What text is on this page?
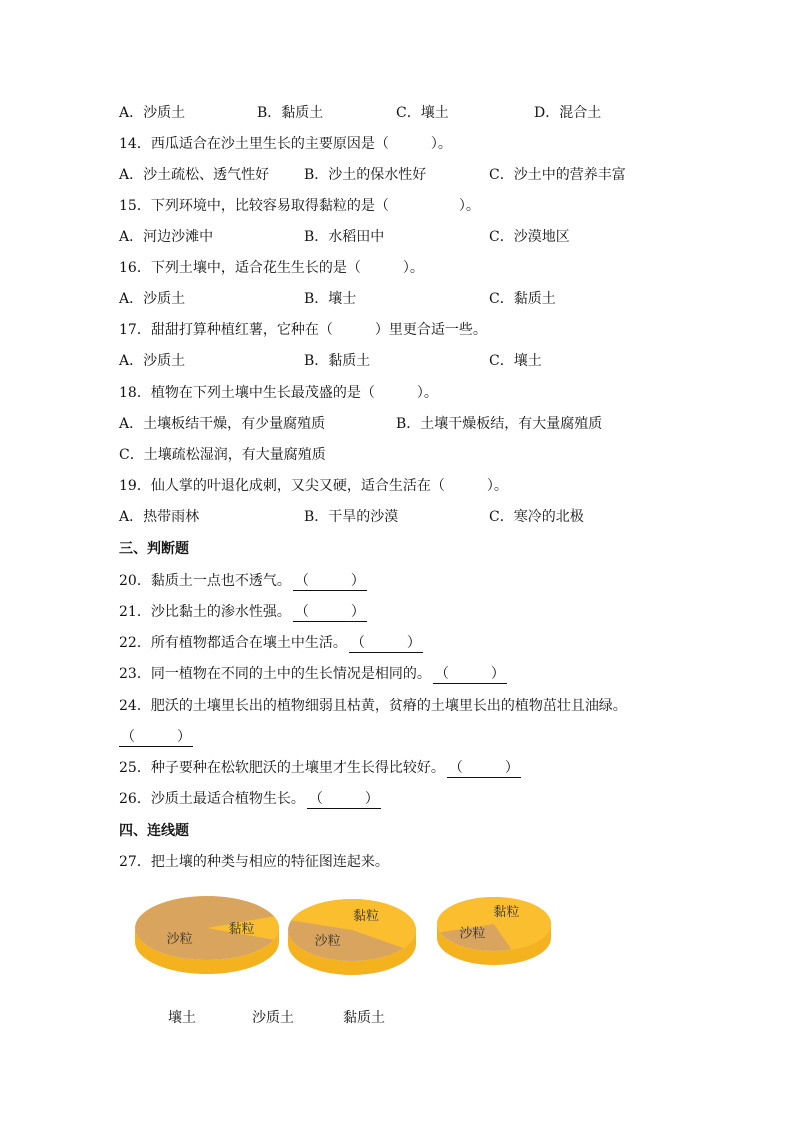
A．沙质土	B．黏质土	C．壤土	D．混合土
14．西瓜适合在沙土里生长的主要原因是（　　　）。
A．沙土疏松、透气性好 B．沙土的保水性好	C．沙土中的营养丰富
15．下列环境中，比较容易取得黏粒的是（　　　　　）。
A．河边沙滩中	B．水稻田中	C．沙漠地区
16．下列土壤中，适合花生生长的是（　　　）。
A．沙质土	B．壤士	C．黏质土
17．甜甜打算种植红薯，它种在（　　　）里更合适一些。
A．沙质土	B．黏质土	C．壤土
18．植物在下列土壤中生长最茂盛的是（　　　）。
A．土壤板结干燥，有少量腐殖质	B．土壤干燥板结，有大量腐殖质
C．土壤疏松湿润，有大量腐殖质
19．仙人掌的叶退化成刺，又尖又硬，适合生活在（　　　）。
A．热带雨林	B．干旱的沙漠	C．寒冷的北极
三、判断题
20．黏质土一点也不透气。 （　　　）
21．沙比黏土的渗水性强。 （　　　）
22．所有植物都适合在壤土中生活。 （　　　）
23．同一植物在不同的土中的生长情况是相同的。 （　　　）
24．肥沃的土壤里长出的植物细弱且枯黄，贫瘠的土壤里长出的植物茁壮且油绿。
（　　　）
25．种子要种在松软肥沃的土壤里才生长得比较好。 （　　　）
26．沙质土最适合植物生长。 （　　　）
四、连线题
27．把土壤的种类与相应的特征图连起来。
黏粒
沙粒
黏粒
沙粒
黏粒
沙粒
壤土	沙质土	黏质土
